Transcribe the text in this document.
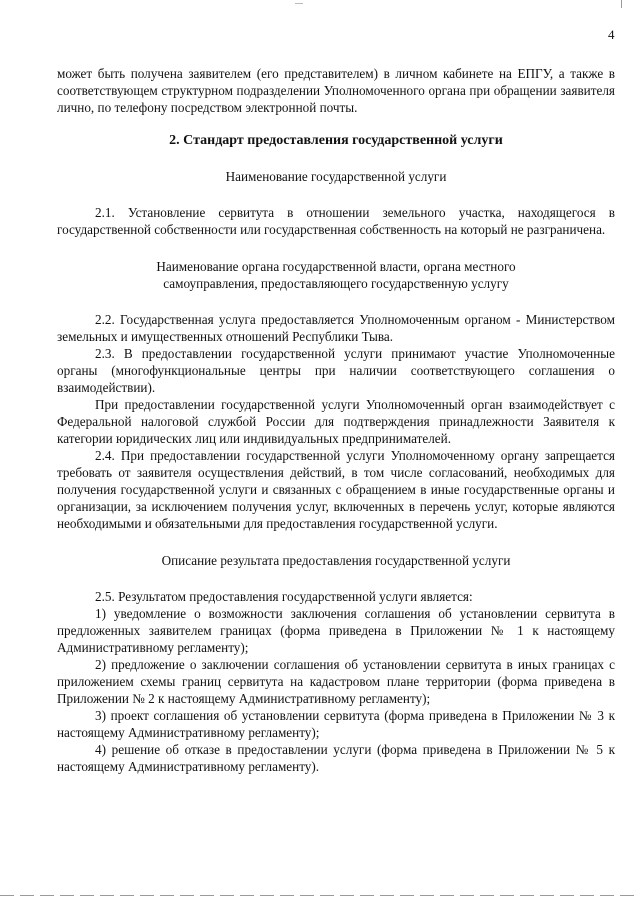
4

может быть получена заявителем (его представителем) в личном кабинете на ЕПГУ, а также в соответствующем структурном подразделении Уполномоченного органа при обращении заявителя лично, по телефону посредством электронной почты.

2. Стандарт предоставления государственной услуги

Наименование государственной услуги

2.1. Установление сервитута в отношении земельного участка, находящегося в государственной собственности или государственная собственность на который не разграничена.

Наименование органа государственной власти, органа местного самоуправления, предоставляющего государственную услугу

2.2. Государственная услуга предоставляется Уполномоченным органом - Министерством земельных и имущественных отношений Республики Тыва.

2.3. В предоставлении государственной услуги принимают участие Уполномоченные органы (многофункциональные центры при наличии соответствующего соглашения о взаимодействии).

При предоставлении государственной услуги Уполномоченный орган взаимодействует с Федеральной налоговой службой России для подтверждения принадлежности Заявителя к категории юридических лиц или индивидуальных предпринимателей.

2.4. При предоставлении государственной услуги Уполномоченному органу запрещается требовать от заявителя осуществления действий, в том числе согласований, необходимых для получения государственной услуги и связанных с обращением в иные государственные органы и организации, за исключением получения услуг, включенных в перечень услуг, которые являются необходимыми и обязательными для предоставления государственной услуги.

Описание результата предоставления государственной услуги

2.5. Результатом предоставления государственной услуги является:

1) уведомление о возможности заключения соглашения об установлении сервитута в предложенных заявителем границах (форма приведена в Приложении № 1 к настоящему Административному регламенту);

2) предложение о заключении соглашения об установлении сервитута в иных границах с приложением схемы границ сервитута на кадастровом плане территории (форма приведена в Приложении № 2 к настоящему Административному регламенту);

3) проект соглашения об установлении сервитута (форма приведена в Приложении № 3 к настоящему Административному регламенту);

4) решение об отказе в предоставлении услуги (форма приведена в Приложении № 5 к настоящему Административному регламенту).
